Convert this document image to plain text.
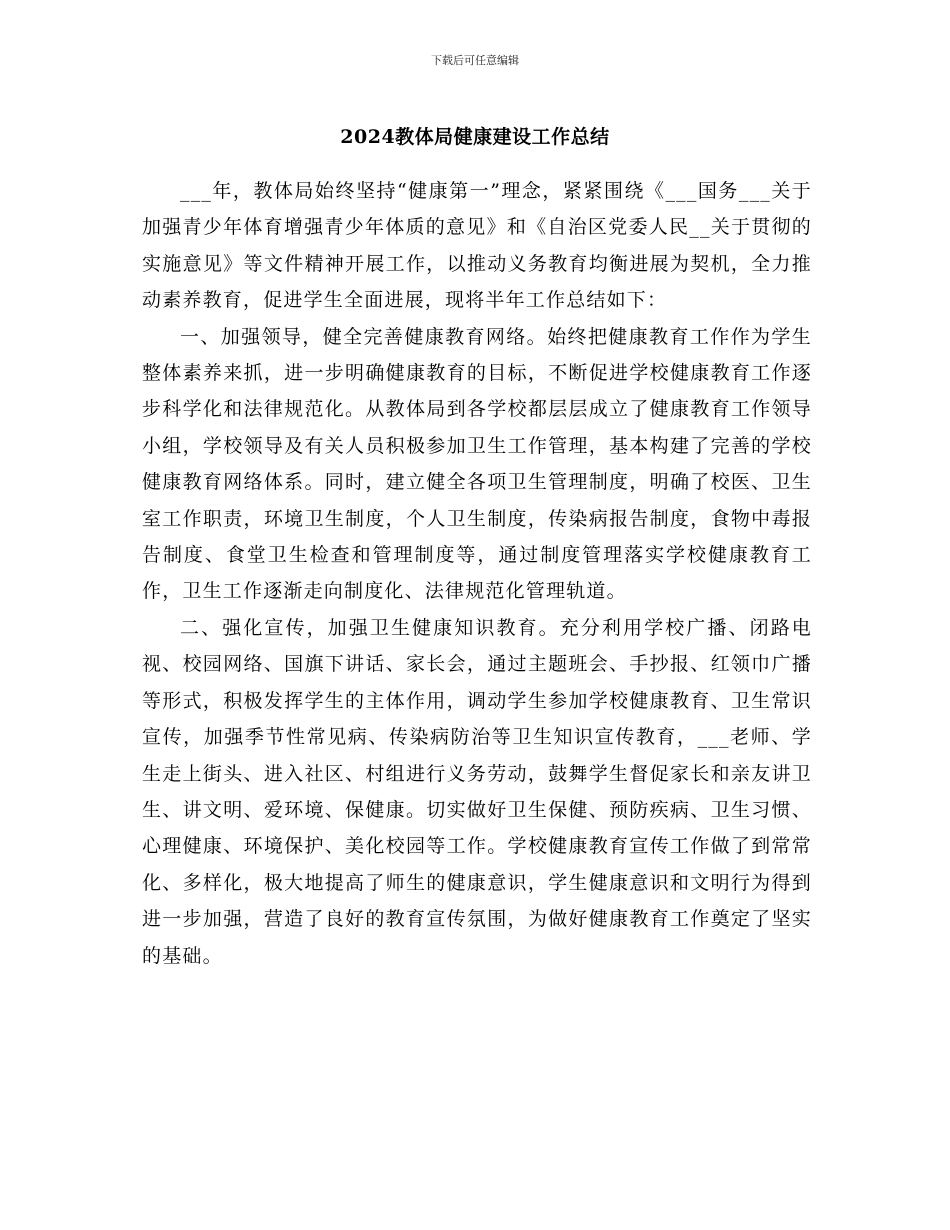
下载后可任意编辑
2024教体局健康建设工作总结

___年，教体局始终坚持“健康第一”理念，紧紧围绕《___国务___关于加强青少年体育增强青少年体质的意见》和《自治区党委人民__关于贯彻的实施意见》等文件精神开展工作，以推动义务教育均衡进展为契机，全力推动素养教育，促进学生全面进展，现将半年工作总结如下：

一、加强领导，健全完善健康教育网络。始终把健康教育工作作为学生整体素养来抓，进一步明确健康教育的目标，不断促进学校健康教育工作逐步科学化和法律规范化。从教体局到各学校都层层成立了健康教育工作领导小组，学校领导及有关人员积极参加卫生工作管理，基本构建了完善的学校健康教育网络体系。同时，建立健全各项卫生管理制度，明确了校医、卫生室工作职责，环境卫生制度，个人卫生制度，传染病报告制度，食物中毒报告制度、食堂卫生检查和管理制度等，通过制度管理落实学校健康教育工作，卫生工作逐渐走向制度化、法律规范化管理轨道。

二、强化宣传，加强卫生健康知识教育。充分利用学校广播、闭路电视、校园网络、国旗下讲话、家长会，通过主题班会、手抄报、红领巾广播等形式，积极发挥学生的主体作用，调动学生参加学校健康教育、卫生常识宣传，加强季节性常见病、传染病防治等卫生知识宣传教育，___老师、学生走上街头、进入社区、村组进行义务劳动，鼓舞学生督促家长和亲友讲卫生、讲文明、爱环境、保健康。切实做好卫生保健、预防疾病、卫生习惯、心理健康、环境保护、美化校园等工作。学校健康教育宣传工作做了到常常化、多样化，极大地提高了师生的健康意识，学生健康意识和文明行为得到进一步加强，营造了良好的教育宣传氛围，为做好健康教育工作奠定了坚实的基础。
